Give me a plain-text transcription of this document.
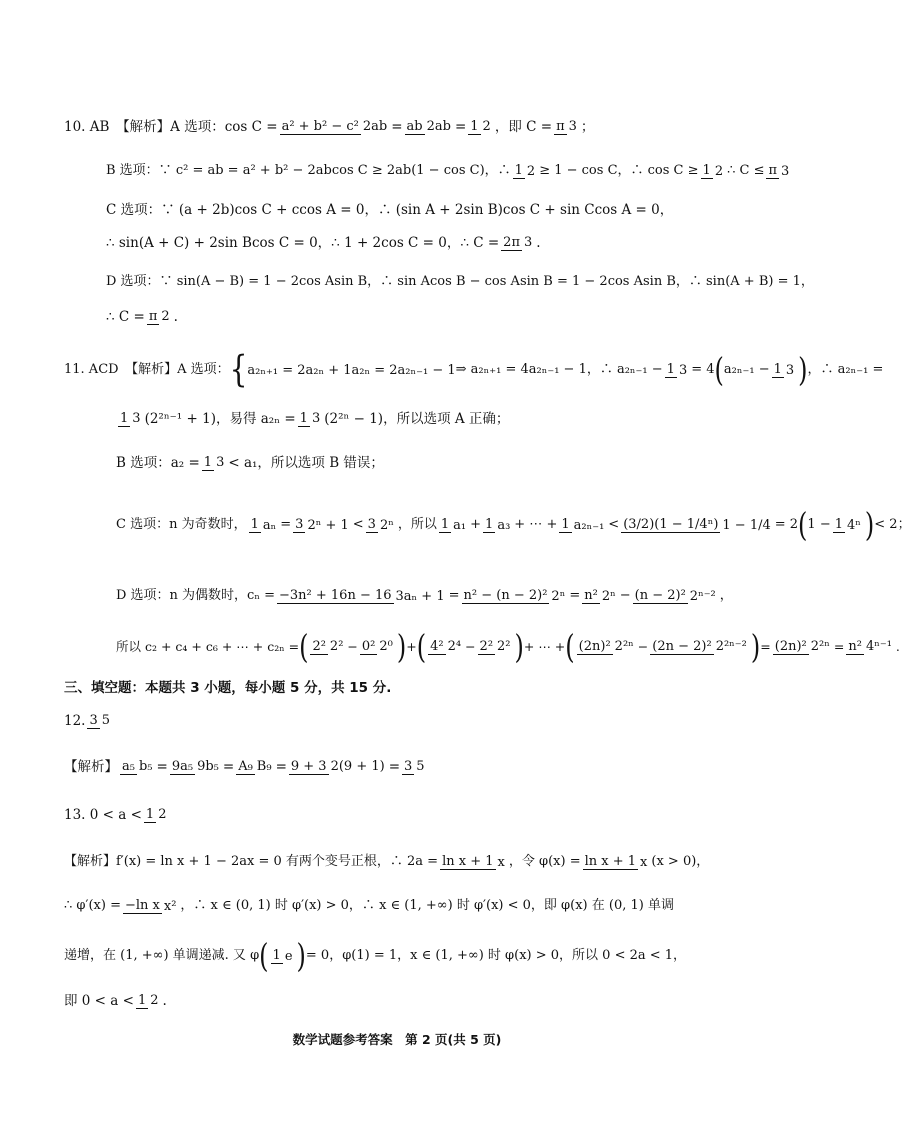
10. AB　【解析】A 选项：cos C =a² + b² − c² 2ab=ab 2ab=1 2 ，即 C =π 3 ；
B 选项：∵ c² = ab = a² + b² − 2abcos C ≥ 2ab(1 − cos C)，∴1 2≥ 1 − cos C，∴ cos C ≥1 2∴ C ≤π 3
C 选项：∵ (a + 2b)cos C + ccos A = 0，∴ (sin A + 2sin B)cos C + sin Ccos A = 0，
∴ sin(A + C) + 2sin Bcos C = 0，∴ 1 + 2cos C = 0，∴ C =2π 3 .
D 选项：∵ sin(A − B) = 1 − 2cos Asin B，∴ sin Acos B − cos Asin B = 1 − 2cos Asin B，∴ sin(A + B) = 1，
∴ C =π 2 .
11. ACD　【解析】A 选项：{a₂ₙ₊₁ = 2a₂ₙ + 1a₂ₙ = 2a₂ₙ₋₁ − 1⇒ a₂ₙ₊₁ = 4a₂ₙ₋₁ − 1，∴ a₂ₙ₋₁ −1 3= 4(a₂ₙ₋₁ −1 3 )，∴ a₂ₙ₋₁ =
1 3 (2²ⁿ⁻¹ + 1)，易得 a₂ₙ =1 3 (2²ⁿ − 1)，所以选项 A 正确；
B 选项：a₂ =1 3< a₁，所以选项 B 错误；
C 选项：n 为奇数时， 1 aₙ=3 2ⁿ + 1<3 2ⁿ ，所以 1 a₁+1 a₃+ ⋯ +1 a₂ₙ₋₁<(3/2)(1 − 1/4ⁿ) 1 − 1/4= 2(1 −1 4ⁿ )< 2；
D 选项：n 为偶数时，cₙ =−3n² + 16n − 16 3aₙ + 1=n² − (n − 2)² 2ⁿ=n² 2ⁿ−(n − 2)² 2ⁿ⁻² ，
所以 c₂ + c₄ + c₆ + ⋯ + c₂ₙ =( 2² 2² − 0² 2⁰ )+( 4² 2⁴ − 2² 2² )+ ⋯ +( (2n)² 2²ⁿ − (2n − 2)² 2²ⁿ⁻² )=(2n)² 2²ⁿ=n² 4ⁿ⁻¹ .
三、填空题：本题共 3 小题，每小题 5 分，共 15 分.
12. 3 5
【解析】 a₅ b₅=9a₅ 9b₅=A₉ B₉=9 + 3 2(9 + 1)=3 5
13. 0 < a <1 2
【解析】f′(x) = ln x + 1 − 2ax = 0 有两个变号正根，∴ 2a =ln x + 1 x ，令 φ(x) =ln x + 1 x(x > 0)，
∴ φ′(x) =−ln x x² ，∴ x ∈ (0, 1) 时 φ′(x) > 0，∴ x ∈ (1, +∞) 时 φ′(x) < 0，即 φ(x) 在 (0, 1) 单调
递增，在 (1, +∞) 单调递减. 又 φ( 1 e )= 0，φ(1) = 1，x ∈ (1, +∞) 时 φ(x) > 0，所以 0 < 2a < 1，
即 0 < a <1 2 .
数学试题参考答案　第 2 页(共 5 页)
